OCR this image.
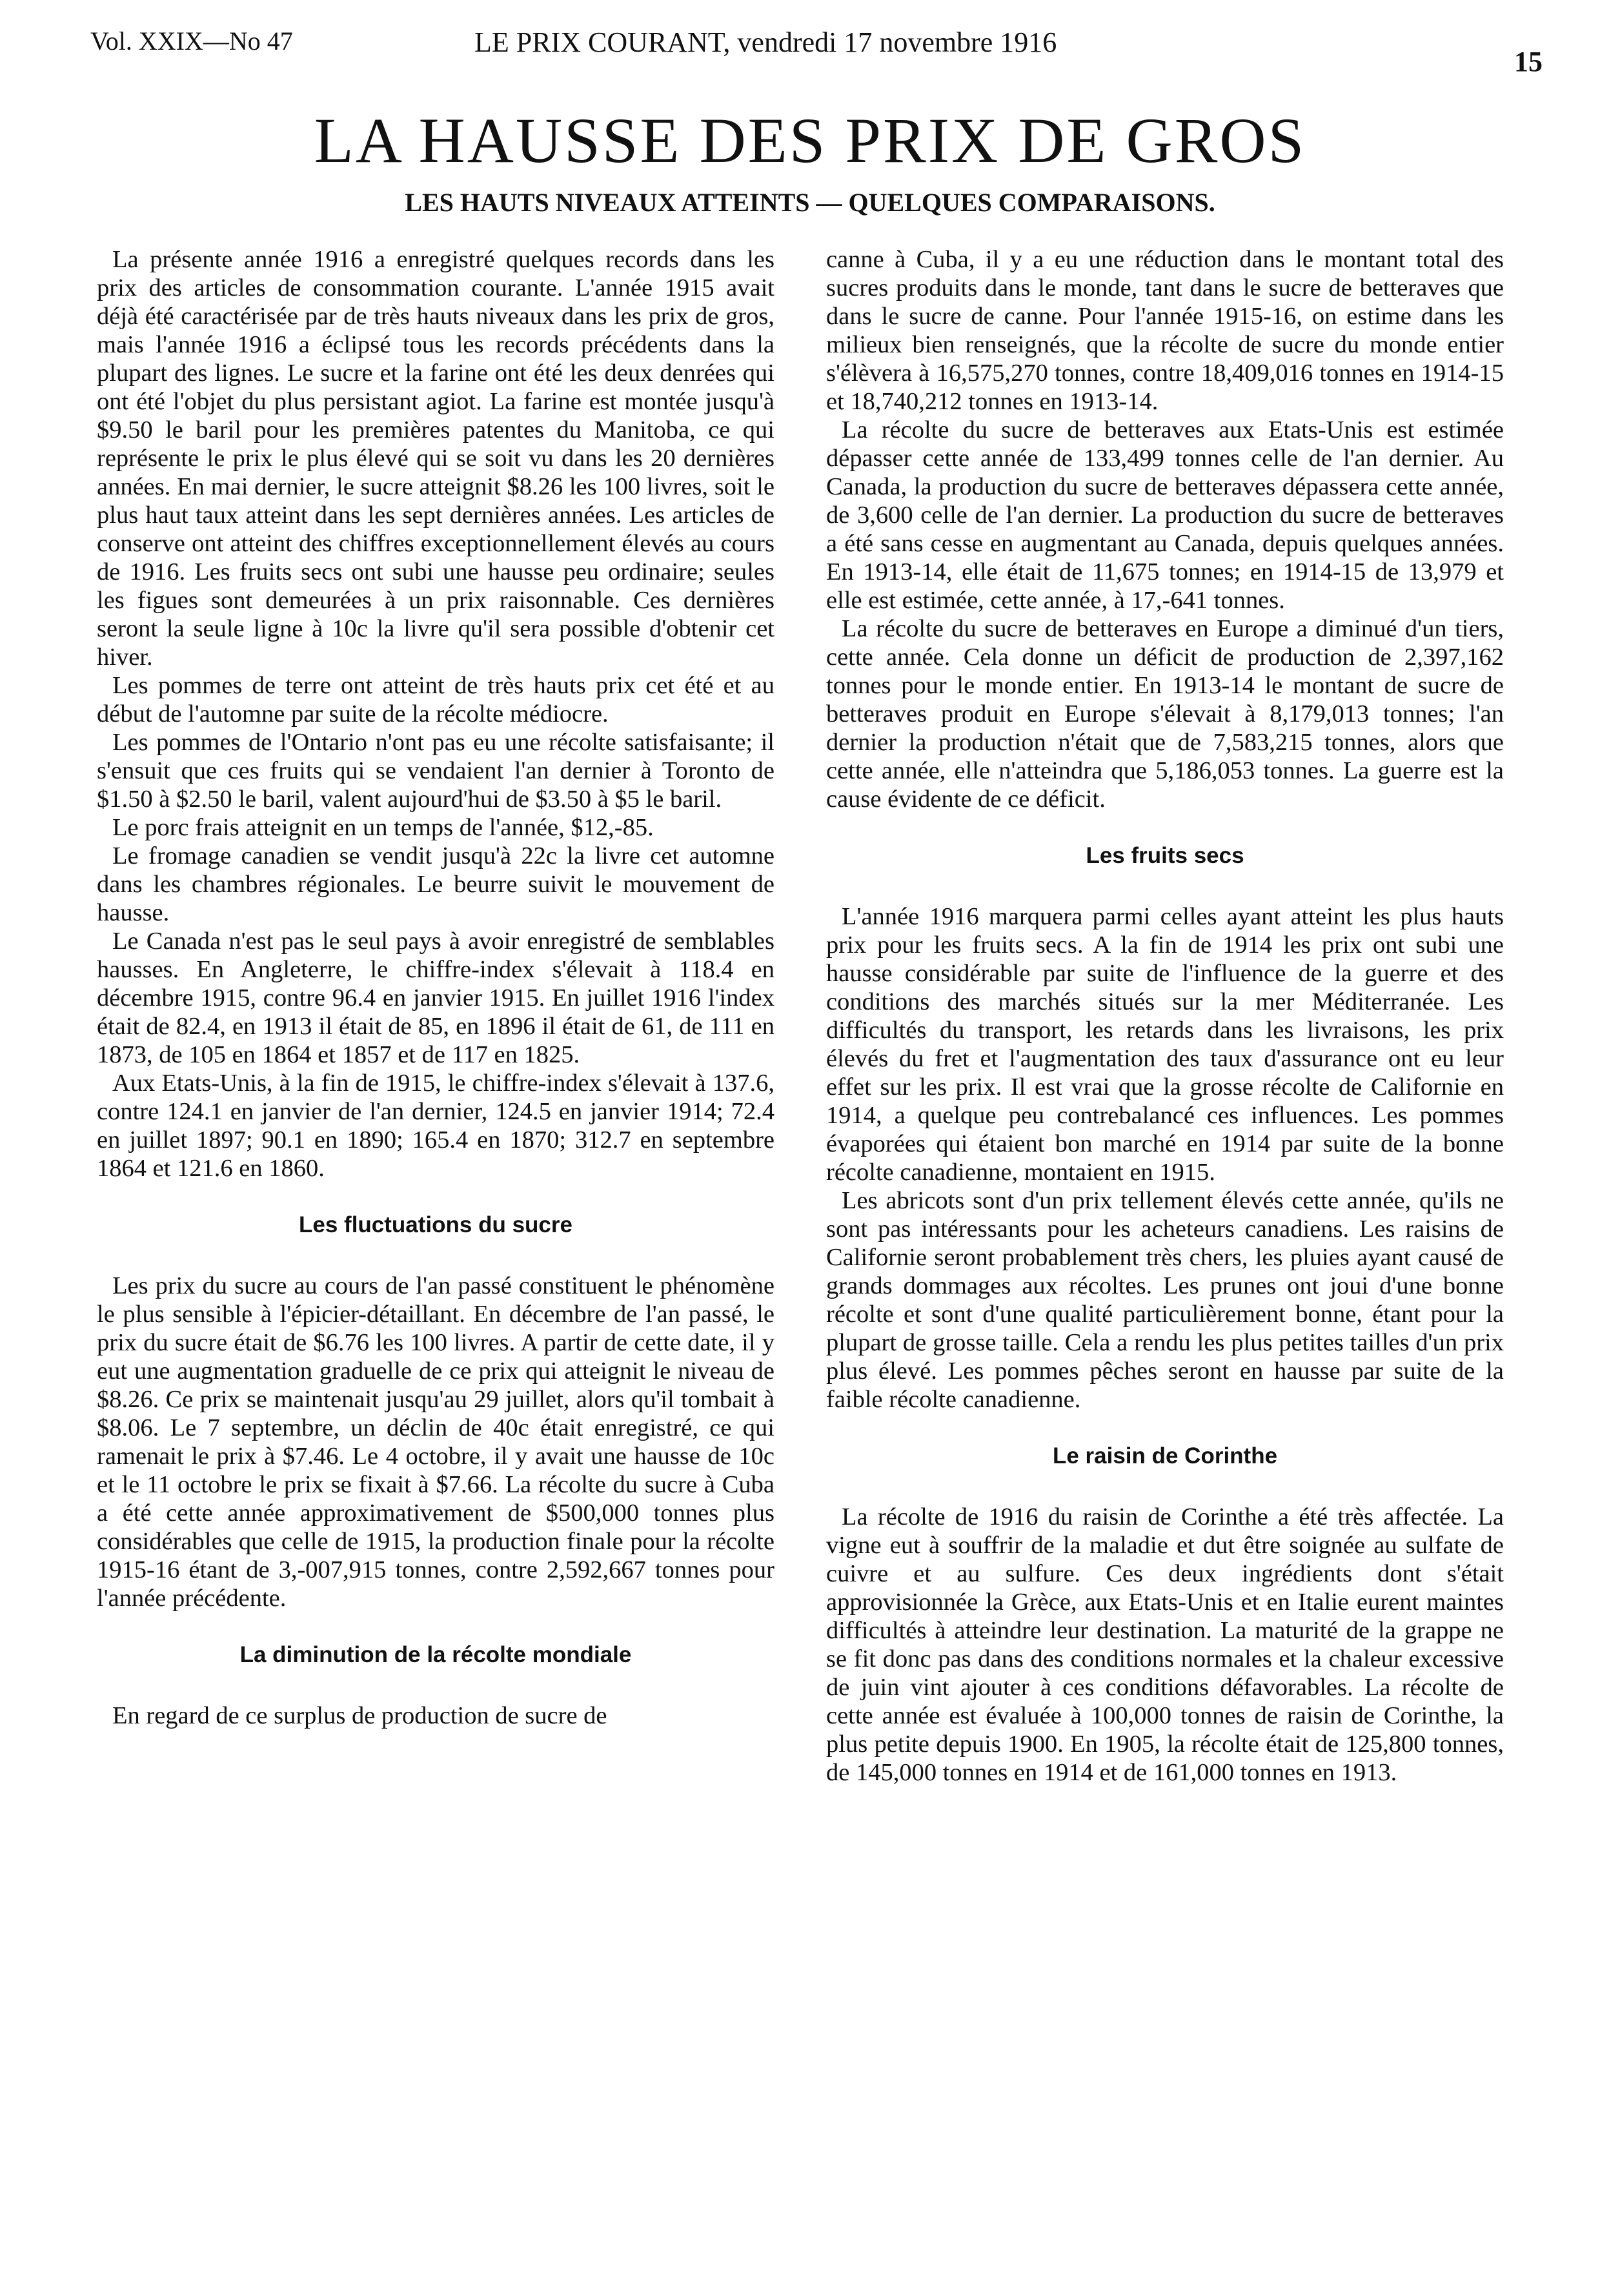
Vol. XXIX—No 47	LE PRIX COURANT, vendredi 17 novembre 1916
15
LA HAUSSE DES PRIX DE GROS
LES HAUTS NIVEAUX ATTEINTS — QUELQUES COMPARAISONS.

La présente année 1916 a enregistré quelques records dans les prix des articles de consommation courante. L'année 1915 avait déjà été caractérisée par de très hauts niveaux dans les prix de gros, mais l'année 1916 a éclipsé tous les records précédents dans la plupart des lignes. Le sucre et la farine ont été les deux denrées qui ont été l'objet du plus persistant agiot. La farine est montée jusqu'à $9.50 le baril pour les premières patentes du Manitoba, ce qui représente le prix le plus élevé qui se soit vu dans les 20 dernières années. En mai dernier, le sucre atteignit $8.26 les 100 livres, soit le plus haut taux atteint dans les sept dernières années. Les articles de conserve ont atteint des chiffres exceptionnellement élevés au cours de 1916. Les fruits secs ont subi une hausse peu ordinaire; seules les figues sont demeurées à un prix raisonnable. Ces dernières seront la seule ligne à 10c la livre qu'il sera possible d'obtenir cet hiver.

Les pommes de terre ont atteint de très hauts prix cet été et au début de l'automne par suite de la récolte médiocre.

Les pommes de l'Ontario n'ont pas eu une récolte satisfaisante; il s'ensuit que ces fruits qui se vendaient l'an dernier à Toronto de $1.50 à $2.50 le baril, valent aujourd'hui de $3.50 à $5 le baril.

Le porc frais atteignit en un temps de l'année, $12,-85.

Le fromage canadien se vendit jusqu'à 22c la livre cet automne dans les chambres régionales. Le beurre suivit le mouvement de hausse.

Le Canada n'est pas le seul pays à avoir enregistré de semblables hausses. En Angleterre, le chiffre-index s'élevait à 118.4 en décembre 1915, contre 96.4 en janvier 1915. En juillet 1916 l'index était de 82.4, en 1913 il était de 85, en 1896 il était de 61, de 111 en 1873, de 105 en 1864 et 1857 et de 117 en 1825.

Aux Etats-Unis, à la fin de 1915, le chiffre-index s'élevait à 137.6, contre 124.1 en janvier de l'an dernier, 124.5 en janvier 1914; 72.4 en juillet 1897; 90.1 en 1890; 165.4 en 1870; 312.7 en septembre 1864 et 121.6 en 1860.

Les fluctuations du sucre

Les prix du sucre au cours de l'an passé constituent le phénomène le plus sensible à l'épicier-détaillant. En décembre de l'an passé, le prix du sucre était de $6.76 les 100 livres. A partir de cette date, il y eut une augmentation graduelle de ce prix qui atteignit le niveau de $8.26. Ce prix se maintenait jusqu'au 29 juillet, alors qu'il tombait à $8.06. Le 7 septembre, un déclin de 40c était enregistré, ce qui ramenait le prix à $7.46. Le 4 octobre, il y avait une hausse de 10c et le 11 octobre le prix se fixait à $7.66. La récolte du sucre à Cuba a été cette année approximativement de $500,000 tonnes plus considérables que celle de 1915, la production finale pour la récolte 1915-16 étant de 3,-007,915 tonnes, contre 2,592,667 tonnes pour l'année précédente.

La diminution de la récolte mondiale

En regard de ce surplus de production de sucre de

canne à Cuba, il y a eu une réduction dans le montant total des sucres produits dans le monde, tant dans le sucre de betteraves que dans le sucre de canne. Pour l'année 1915-16, on estime dans les milieux bien renseignés, que la récolte de sucre du monde entier s'élèvera à 16,575,270 tonnes, contre 18,409,016 tonnes en 1914-15 et 18,740,212 tonnes en 1913-14.

La récolte du sucre de betteraves aux Etats-Unis est estimée dépasser cette année de 133,499 tonnes celle de l'an dernier. Au Canada, la production du sucre de betteraves dépassera cette année, de 3,600 celle de l'an dernier. La production du sucre de betteraves a été sans cesse en augmentant au Canada, depuis quelques années. En 1913-14, elle était de 11,675 tonnes; en 1914-15 de 13,979 et elle est estimée, cette année, à 17,-641 tonnes.

La récolte du sucre de betteraves en Europe a diminué d'un tiers, cette année. Cela donne un déficit de production de 2,397,162 tonnes pour le monde entier. En 1913-14 le montant de sucre de betteraves produit en Europe s'élevait à 8,179,013 tonnes; l'an dernier la production n'était que de 7,583,215 tonnes, alors que cette année, elle n'atteindra que 5,186,053 tonnes. La guerre est la cause évidente de ce déficit.

Les fruits secs

L'année 1916 marquera parmi celles ayant atteint les plus hauts prix pour les fruits secs. A la fin de 1914 les prix ont subi une hausse considérable par suite de l'influence de la guerre et des conditions des marchés situés sur la mer Méditerranée. Les difficultés du transport, les retards dans les livraisons, les prix élevés du fret et l'augmentation des taux d'assurance ont eu leur effet sur les prix. Il est vrai que la grosse récolte de Californie en 1914, a quelque peu contrebalancé ces influences. Les pommes évaporées qui étaient bon marché en 1914 par suite de la bonne récolte canadienne, montaient en 1915.

Les abricots sont d'un prix tellement élevés cette année, qu'ils ne sont pas intéressants pour les acheteurs canadiens. Les raisins de Californie seront probablement très chers, les pluies ayant causé de grands dommages aux récoltes. Les prunes ont joui d'une bonne récolte et sont d'une qualité particulièrement bonne, étant pour la plupart de grosse taille. Cela a rendu les plus petites tailles d'un prix plus élevé. Les pommes pêches seront en hausse par suite de la faible récolte canadienne.

Le raisin de Corinthe

La récolte de 1916 du raisin de Corinthe a été très affectée. La vigne eut à souffrir de la maladie et dut être soignée au sulfate de cuivre et au sulfure. Ces deux ingrédients dont s'était approvisionnée la Grèce, aux Etats-Unis et en Italie eurent maintes difficultés à atteindre leur destination. La maturité de la grappe ne se fit donc pas dans des conditions normales et la chaleur excessive de juin vint ajouter à ces conditions défavorables. La récolte de cette année est évaluée à 100,000 tonnes de raisin de Corinthe, la plus petite depuis 1900. En 1905, la récolte était de 125,800 tonnes, de 145,000 tonnes en 1914 et de 161,000 tonnes en 1913.
